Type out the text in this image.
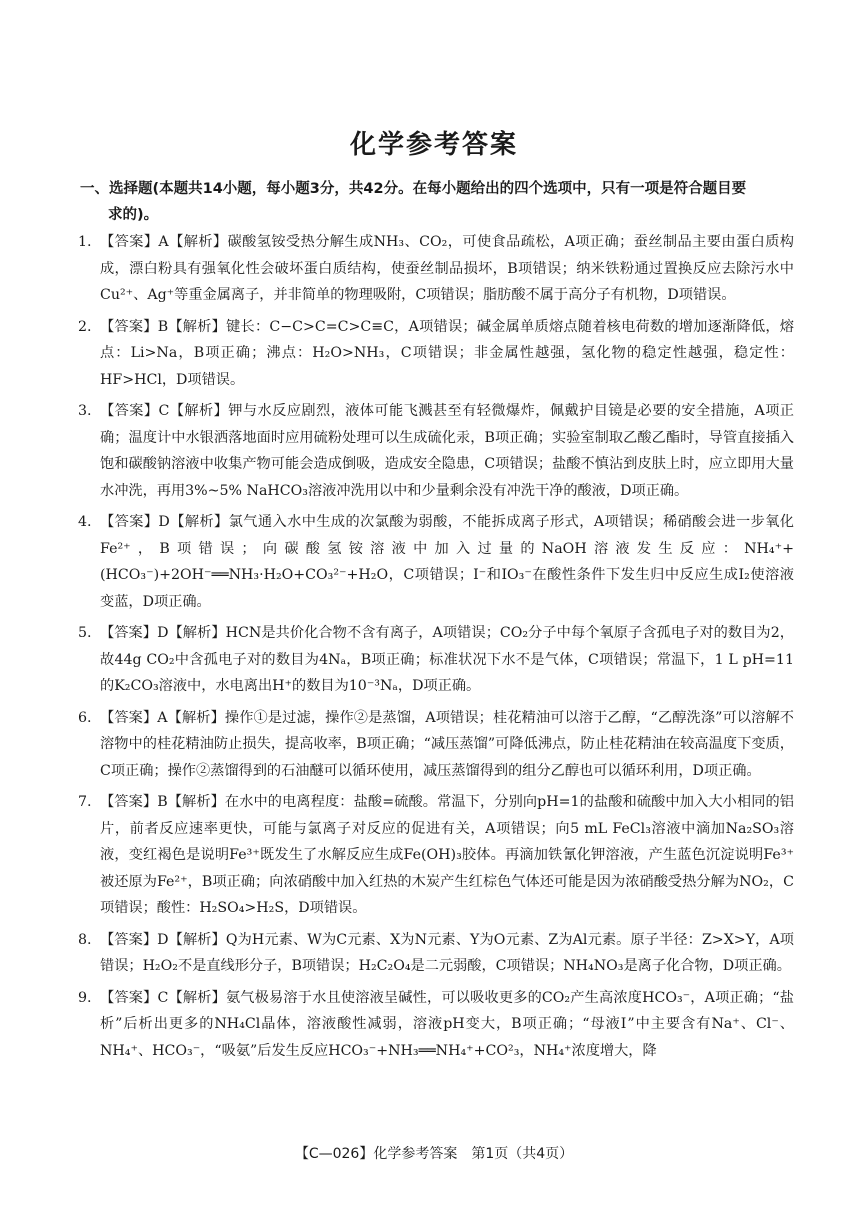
化学参考答案
一、选择题(本题共14小题，每小题3分，共42分。在每小题给出的四个选项中，只有一项是符合题目要
求的)。
1. 【答案】A【解析】碳酸氢铵受热分解生成NH₃、CO₂，可使食品疏松，A项正确；蚕丝制品主要由蛋白质构成，漂白粉具有强氧化性会破坏蛋白质结构，使蚕丝制品损坏，B项错误；纳米铁粉通过置换反应去除污水中Cu²⁺、Ag⁺等重金属离子，并非简单的物理吸附，C项错误；脂肪酸不属于高分子有机物，D项错误。
2. 【答案】B【解析】键长：C−C>C=C>C≡C，A项错误；碱金属单质熔点随着核电荷数的增加逐渐降低，熔点：Li>Na，B项正确；沸点：H₂O>NH₃，C项错误；非金属性越强，氢化物的稳定性越强，稳定性：HF>HCl，D项错误。
3. 【答案】C【解析】钾与水反应剧烈，液体可能飞溅甚至有轻微爆炸，佩戴护目镜是必要的安全措施，A项正确；温度计中水银洒落地面时应用硫粉处理可以生成硫化汞，B项正确；实验室制取乙酸乙酯时，导管直接插入饱和碳酸钠溶液中收集产物可能会造成倒吸，造成安全隐患，C项错误；盐酸不慎沾到皮肤上时，应立即用大量水冲洗，再用3%~5% NaHCO₃溶液冲洗用以中和少量剩余没有冲洗干净的酸液，D项正确。
4. 【答案】D【解析】氯气通入水中生成的次氯酸为弱酸，不能拆成离子形式，A项错误；稀硝酸会进一步氧化Fe²⁺，B项错误；向碳酸氢铵溶液中加入过量的NaOH溶液发生反应：NH₄⁺+(HCO₃⁻)+2OH⁻══NH₃·H₂O+CO₃²⁻+H₂O，C项错误；I⁻和IO₃⁻在酸性条件下发生归中反应生成I₂使溶液变蓝，D项正确。
5. 【答案】D【解析】HCN是共价化合物不含有离子，A项错误；CO₂分子中每个氧原子含孤电子对的数目为2，故44g CO₂中含孤电子对的数目为4Nₐ，B项正确；标准状况下水不是气体，C项错误；常温下，1 L pH=11的K₂CO₃溶液中，水电离出H⁺的数目为10⁻³Nₐ，D项正确。
6. 【答案】A【解析】操作①是过滤，操作②是蒸馏，A项错误；桂花精油可以溶于乙醇，“乙醇洗涤”可以溶解不溶物中的桂花精油防止损失，提高收率，B项正确；“减压蒸馏”可降低沸点，防止桂花精油在较高温度下变质，C项正确；操作②蒸馏得到的石油醚可以循环使用，减压蒸馏得到的组分乙醇也可以循环利用，D项正确。
7. 【答案】B【解析】在水中的电离程度：盐酸=硫酸。常温下，分别向pH=1的盐酸和硫酸中加入大小相同的铝片，前者反应速率更快，可能与氯离子对反应的促进有关，A项错误；向5 mL FeCl₃溶液中滴加Na₂SO₃溶液，变红褐色是说明Fe³⁺既发生了水解反应生成Fe(OH)₃胶体。再滴加铁氰化钾溶液，产生蓝色沉淀说明Fe³⁺被还原为Fe²⁺，B项正确；向浓硝酸中加入红热的木炭产生红棕色气体还可能是因为浓硝酸受热分解为NO₂，C项错误；酸性：H₂SO₄>H₂S，D项错误。
8. 【答案】D【解析】Q为H元素、W为C元素、X为N元素、Y为O元素、Z为Al元素。原子半径：Z>X>Y，A项错误；H₂O₂不是直线形分子，B项错误；H₂C₂O₄是二元弱酸，C项错误；NH₄NO₃是离子化合物，D项正确。
9. 【答案】C【解析】氨气极易溶于水且使溶液呈碱性，可以吸收更多的CO₂产生高浓度HCO₃⁻，A项正确；“盐析”后析出更多的NH₄Cl晶体，溶液酸性减弱，溶液pH变大，B项正确；“母液Ⅰ”中主要含有Na⁺、Cl⁻、NH₄⁺、HCO₃⁻，“吸氨”后发生反应HCO₃⁻+NH₃══NH₄⁺+CO²₃，NH₄⁺浓度增大，降
【C—026】化学参考答案　第1页（共4页）
